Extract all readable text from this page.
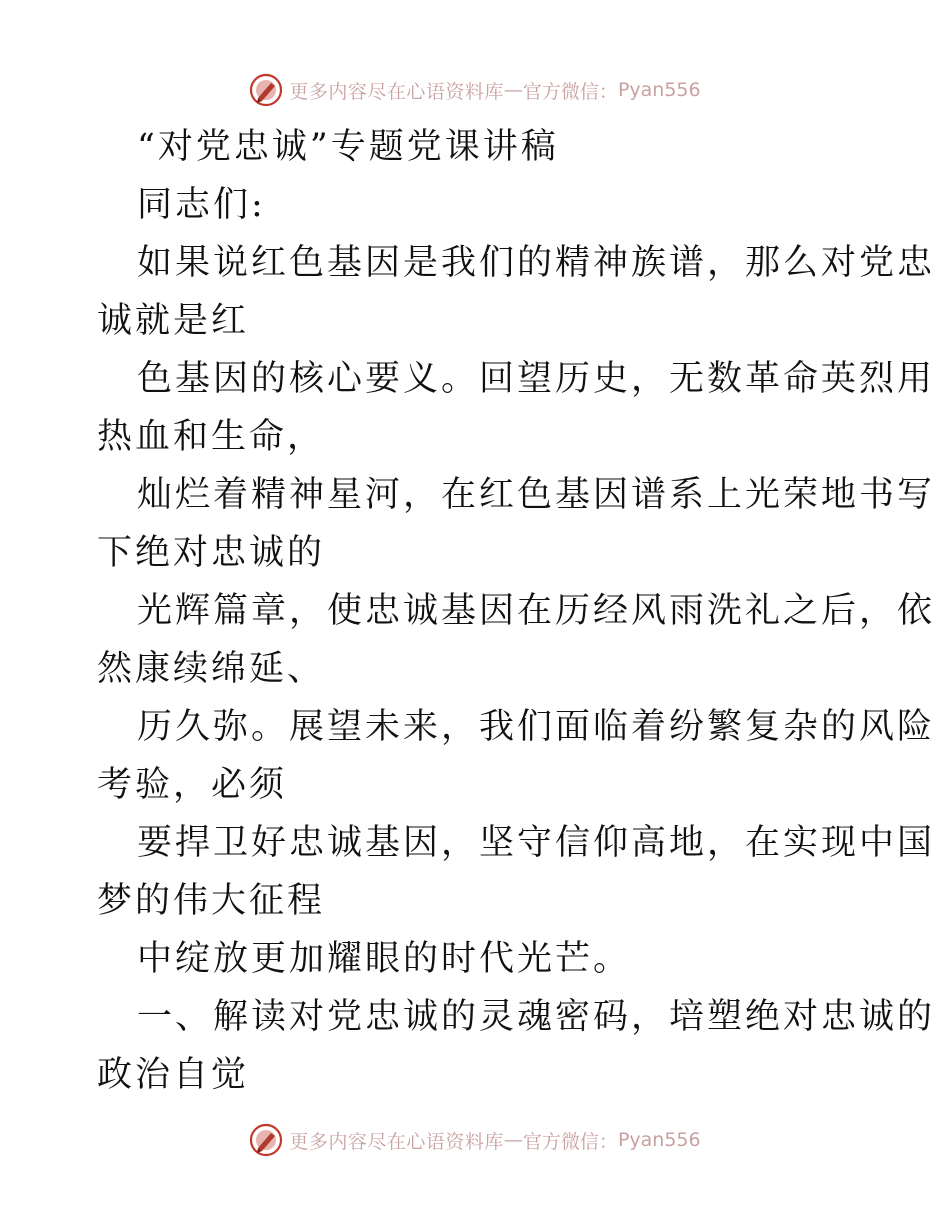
更多内容尽在心语资料库 — 官方微信： Pyan556
“对党忠诚”专题党课讲稿
同志们:
如果说红色基因是我们的精神族谱，那么对党忠
诚就是红
色基因的核心要义。回望历史，无数革命英烈用
热血和生命，
灿烂着精神星河，在红色基因谱系上光荣地书写
下绝对忠诚的
光辉篇章，使忠诚基因在历经风雨洗礼之后，依
然康续绵延、
历久弥。展望未来，我们面临着纷繁复杂的风险
考验，必须
要捍卫好忠诚基因，坚守信仰高地，在实现中国
梦的伟大征程
中绽放更加耀眼的时代光芒。
一、解读对党忠诚的灵魂密码，培塑绝对忠诚的
政治自觉
更多内容尽在心语资料库 — 官方微信： Pyan556
